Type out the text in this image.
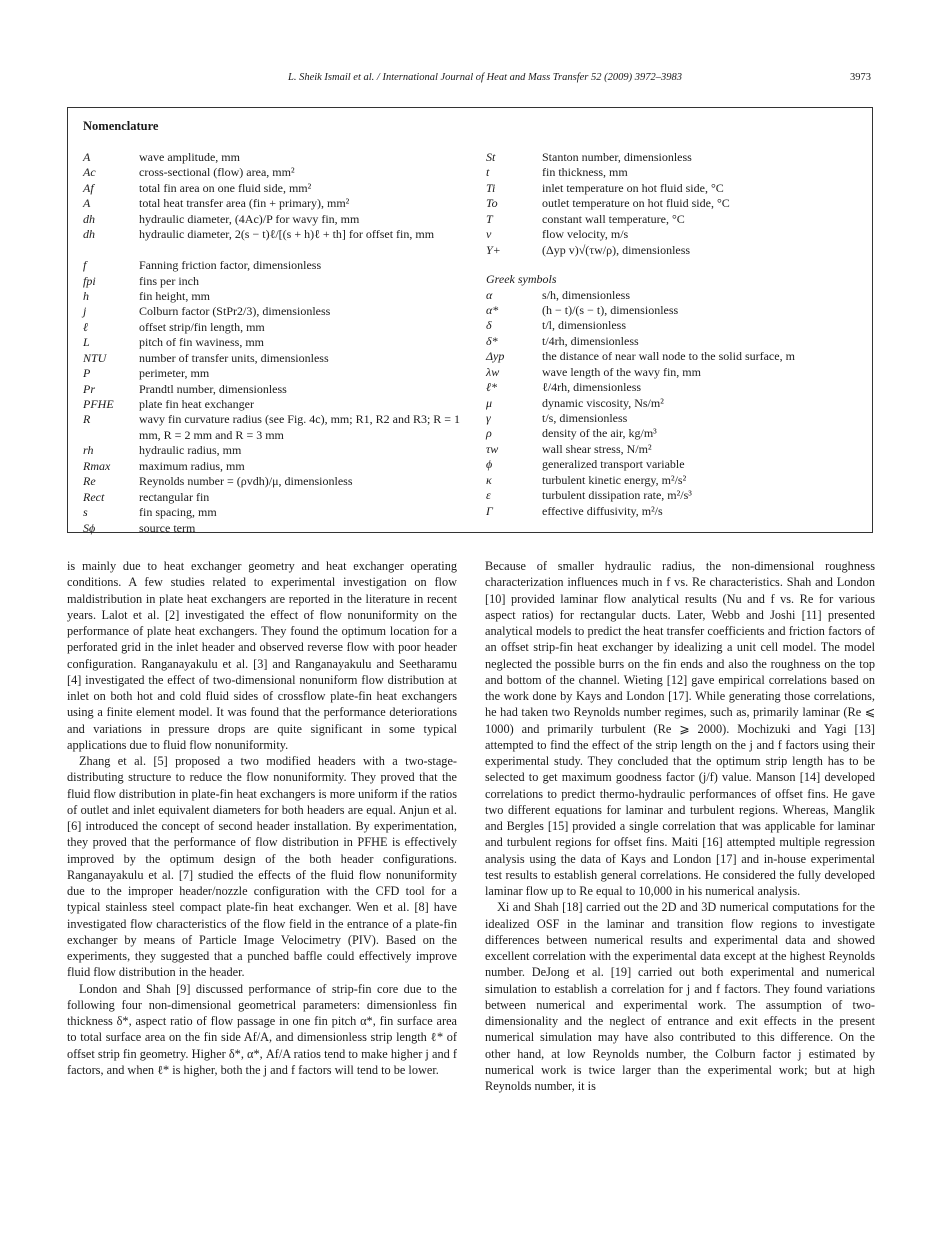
L. Sheik Ismail et al. / International Journal of Heat and Mass Transfer 52 (2009) 3972–3983	3973
Nomenclature
A	wave amplitude, mm
Ac	cross-sectional (flow) area, mm²
Af	total fin area on one fluid side, mm²
A	total heat transfer area (fin + primary), mm²
dh	hydraulic diameter, (4Ac)/P for wavy fin, mm
dh	hydraulic diameter, 2(s − t)ℓ/[(s + h)ℓ + th] for offset fin, mm
f	Fanning friction factor, dimensionless
fpi	fins per inch
h	fin height, mm
j	Colburn factor (StPr2/3), dimensionless
ℓ	offset strip/fin length, mm
L	pitch of fin waviness, mm
NTU	number of transfer units, dimensionless
P	perimeter, mm
Pr	Prandtl number, dimensionless
PFHE	plate fin heat exchanger
R	wavy fin curvature radius (see Fig. 4c), mm; R1, R2 and R3; R = 1 mm, R = 2 mm and R = 3 mm
rh	hydraulic radius, mm
Rmax	maximum radius, mm
Re	Reynolds number = (ρvdh)/μ, dimensionless
Rect	rectangular fin
s	fin spacing, mm
Sϕ	source term
St	Stanton number, dimensionless
t	fin thickness, mm
Ti	inlet temperature on hot fluid side, °C
To	outlet temperature on hot fluid side, °C
T	constant wall temperature, °C
v	flow velocity, m/s
Y+	(Δyp v)√(τw/ρ), dimensionless
Greek symbols
α	s/h, dimensionless
α*	(h − t)/(s − t), dimensionless
δ	t/l, dimensionless
δ*	t/4rh, dimensionless
Δyp	the distance of near wall node to the solid surface, m
λw	wave length of the wavy fin, mm
ℓ*	ℓ/4rh, dimensionless
μ	dynamic viscosity, Ns/m²
γ	t/s, dimensionless
ρ	density of the air, kg/m³
τw	wall shear stress, N/m²
ϕ	generalized transport variable
κ	turbulent kinetic energy, m²/s²
ε	turbulent dissipation rate, m²/s³
Γ	effective diffusivity, m²/s

is mainly due to heat exchanger geometry and heat exchanger operating conditions. A few studies related to experimental investigation on flow maldistribution in plate heat exchangers are reported in the literature in recent years. Lalot et al. [2] investigated the effect of flow nonuniformity on the performance of plate heat exchangers. They found the optimum location for a perforated grid in the inlet header and observed reverse flow with poor header configuration. Ranganayakulu et al. [3] and Ranganayakulu and Seetharamu [4] investigated the effect of two-dimensional nonuniform flow distribution at inlet on both hot and cold fluid sides of crossflow plate-fin heat exchangers using a finite element model. It was found that the performance deteriorations and variations in pressure drops are quite significant in some typical applications due to fluid flow nonuniformity.

Zhang et al. [5] proposed a two modified headers with a two-stage-distributing structure to reduce the flow nonuniformity. They proved that the fluid flow distribution in plate-fin heat exchangers is more uniform if the ratios of outlet and inlet equivalent diameters for both headers are equal. Anjun et al. [6] introduced the concept of second header installation. By experimentation, they proved that the performance of flow distribution in PFHE is effectively improved by the optimum design of the both header configurations. Ranganayakulu et al. [7] studied the effects of the fluid flow nonuniformity due to the improper header/nozzle configuration with the CFD tool for a typical stainless steel compact plate-fin heat exchanger. Wen et al. [8] have investigated flow characteristics of the flow field in the entrance of a plate-fin exchanger by means of Particle Image Velocimetry (PIV). Based on the experiments, they suggested that a punched baffle could effectively improve fluid flow distribution in the header.

London and Shah [9] discussed performance of strip-fin core due to the following four non-dimensional geometrical parameters: dimensionless fin thickness δ*, aspect ratio of flow passage in one fin pitch α*, fin surface area to total surface area on the fin side Af/A, and dimensionless strip length ℓ* of offset strip fin geometry. Higher δ*, α*, Af/A ratios tend to make higher j and f factors, and when ℓ* is higher, both the j and f factors will tend to be lower.

Because of smaller hydraulic radius, the non-dimensional roughness characterization influences much in f vs. Re characteristics. Shah and London [10] provided laminar flow analytical results (Nu and f vs. Re for various aspect ratios) for rectangular ducts. Later, Webb and Joshi [11] presented analytical models to predict the heat transfer coefficients and friction factors of an offset strip-fin heat exchanger by idealizing a unit cell model. The model neglected the possible burrs on the fin ends and also the roughness on the top and bottom of the channel. Wieting [12] gave empirical correlations based on the work done by Kays and London [17]. While generating those correlations, he had taken two Reynolds number regimes, such as, primarily laminar (Re ⩽ 1000) and primarily turbulent (Re ⩾ 2000). Mochizuki and Yagi [13] attempted to find the effect of the strip length on the j and f factors using their experimental study. They concluded that the optimum strip length has to be selected to get maximum goodness factor (j/f) value. Manson [14] developed correlations to predict thermo-hydraulic performances of offset fins. He gave two different equations for laminar and turbulent regions. Whereas, Manglik and Bergles [15] provided a single correlation that was applicable for laminar and turbulent regions for offset fins. Maiti [16] attempted multiple regression analysis using the data of Kays and London [17] and in-house experimental test results to establish general correlations. He considered the fully developed laminar flow up to Re equal to 10,000 in his numerical analysis.

Xi and Shah [18] carried out the 2D and 3D numerical computations for the idealized OSF in the laminar and transition flow regions to investigate differences between numerical results and experimental data and showed excellent correlation with the experimental data except at the highest Reynolds number. DeJong et al. [19] carried out both experimental and numerical simulation to establish a correlation for j and f factors. They found variations between numerical and experimental work. The assumption of two-dimensionality and the neglect of entrance and exit effects in the present numerical simulation may have also contributed to this difference. On the other hand, at low Reynolds number, the Colburn factor j estimated by numerical work is twice larger than the experimental work; but at high Reynolds number, it is
